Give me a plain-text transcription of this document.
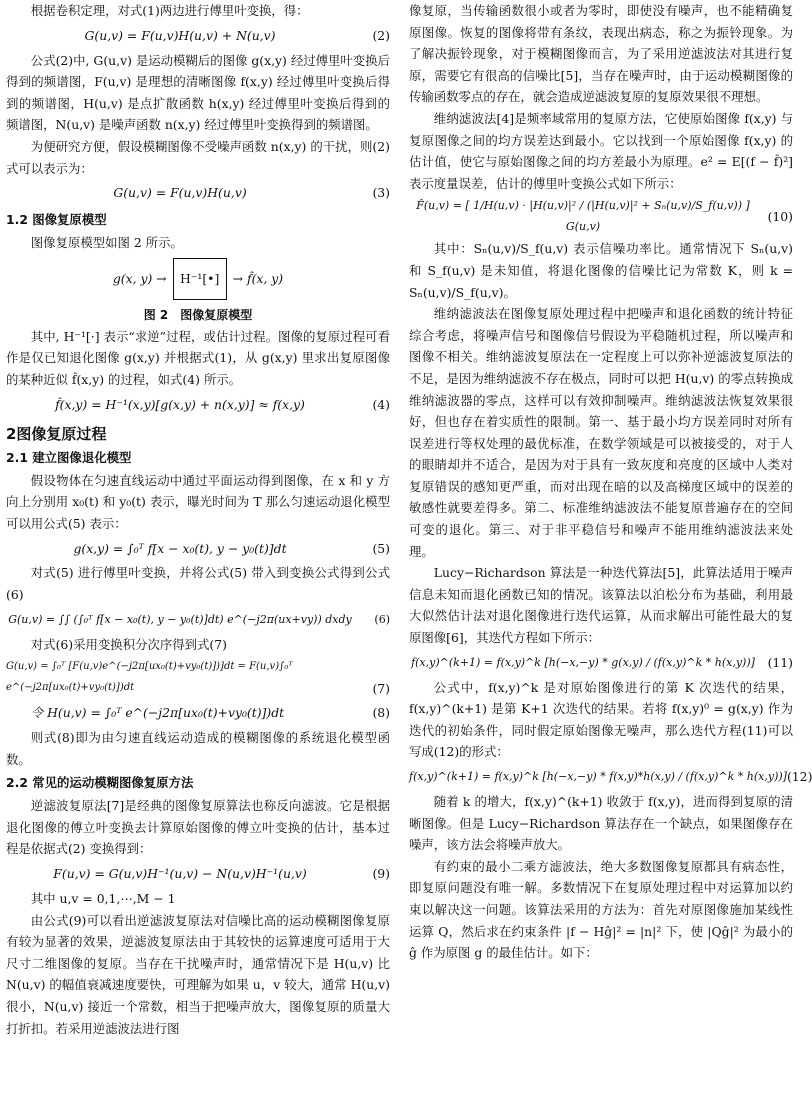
根据卷积定理，对式(1)两边进行傅里叶变换，得：

G(u,v) = F(u,v)H(u,v) + N(u,v)	(2)

公式(2)中, G(u,v) 是运动模糊后的图像 g(x,y) 经过傅里叶变换后得到的频谱图，F(u,v) 是理想的清晰图像 f(x,y) 经过傅里叶变换后得到的频谱图，H(u,v) 是点扩散函数 h(x,y) 经过傅里叶变换后得到的频谱图，N(u,v) 是噪声函数 n(x,y) 经过傅里叶变换得到的频谱图。

为便研究方便，假设模糊图像不受噪声函数 n(x,y) 的干扰，则(2)式可以表示为：

G(u,v) = F(u,v)H(u,v)	(3)
1.2 图像复原模型

图像复原模型如图 2 所示。

g(x, y) → H⁻¹[•] → f̂(x, y)
图 2　图像复原模型

其中, H⁻¹[·] 表示“求逆”过程，或估计过程。图像的复原过程可看作是仅已知退化图像 g(x,y) 并根据式(1)，从 g(x,y) 里求出复原图像的某种近似 f̂(x,y) 的过程，如式(4) 所示。

f̂(x,y) = H⁻¹(x,y)[g(x,y) + n(x,y)] ≈ f(x,y)	(4)
2图像复原过程
2.1 建立图像退化模型

假设物体在匀速直线运动中通过平面运动得到图像，在 x 和 y 方向上分别用 x₀(t) 和 y₀(t) 表示，曝光时间为 T 那么匀速运动退化模型可以用公式(5) 表示：

g(x,y) = ∫₀ᵀ f[x − x₀(t), y − y₀(t)]dt	(5)

对式(5) 进行傅里叶变换，并将公式(5) 带入到变换公式得到公式(6)

G(u,v) = ∫∫ (∫₀ᵀ f[x − x₀(t), y − y₀(t)]dt) e^(−j2π(ux+vy)) dxdy	(6)

对式(6)采用变换积分次序得到式(7)

G(u,v) = ∫₀ᵀ [F(u,v)e^(−j2π[ux₀(t)+vy₀(t)])]dt = F(u,v)∫₀ᵀ e^(−j2π[ux₀(t)+vy₀(t)])dt	(7)
令 H(u,v) = ∫₀ᵀ e^(−j2π[ux₀(t)+vy₀(t)])dt	(8)

则式(8)即为由匀速直线运动造成的模糊图像的系统退化模型函数。

2.2 常见的运动模糊图像复原方法

逆滤波复原法[7]是经典的图像复原算法也称反向滤波。它是根据退化图像的傅立叶变换去计算原始图像的傅立叶变换的估计，基本过程是依据式(2) 变换得到：

F(u,v) = G(u,v)H⁻¹(u,v) − N(u,v)H⁻¹(u,v)	(9)

其中 u,v = 0,1,⋯,M − 1

由公式(9)可以看出逆滤波复原法对信噪比高的运动模糊图像复原有较为显著的效果，逆滤波复原法由于其较快的运算速度可适用于大尺寸二维图像的复原。当存在干扰噪声时，通常情况下是 H(u,v) 比 N(u,v) 的幅值衰减速度要快，可理解为如果 u，v 较大，通常 H(u,v) 很小，N(u,v) 接近一个常数，相当于把噪声放大，图像复原的质量大打折扣。若采用逆滤波法进行图

像复原，当传输函数很小或者为零时，即使没有噪声，也不能精确复原图像。恢复的图像将带有条纹，表现出病态，称之为振铃现象。为了解决振铃现象，对于模糊图像而言，为了采用逆滤波法对其进行复原，需要它有很高的信噪比[5]，当存在噪声时，由于运动模糊图像的传输函数零点的存在，就会造成逆滤波复原的复原效果很不理想。

维纳滤波法[4]是频率域常用的复原方法，它使原始图像 f(x,y) 与复原图像之间的均方误差达到最小。它以找到一个原始图像 f(x,y) 的估计值，使它与原始图像之间的均方差最小为原理。e² = E[(f − f̂)²] 表示度量误差，估计的傅里叶变换公式如下所示：

F̂(u,v) = [ 1/H(u,v) · |H(u,v)|² / (|H(u,v)|² + Sₙ(u,v)/S_f(u,v)) ] G(u,v)
(10)

其中：Sₙ(u,v)/S_f(u,v) 表示信噪功率比。通常情况下 Sₙ(u,v) 和 S_f(u,v) 是未知值，将退化图像的信噪比记为常数 K，则 k = Sₙ(u,v)/S_f(u,v)。

维纳滤波法在图像复原处理过程中把噪声和退化函数的统计特征综合考虑，将噪声信号和图像信号假设为平稳随机过程，所以噪声和图像不相关。维纳滤波复原法在一定程度上可以弥补逆滤波复原法的不足，是因为维纳滤波不存在极点，同时可以把 H(u,v) 的零点转换成维纳滤波器的零点，这样可以有效抑制噪声。维纳滤波法恢复效果很好，但也存在着实质性的限制。第一、基于最小均方误差同时对所有误差进行等权处理的最优标准，在数学领域是可以被接受的，对于人的眼睛却并不适合，是因为对于具有一致灰度和亮度的区域中人类对复原错误的感知更严重，而对出现在暗的以及高梯度区域中的误差的敏感性就要差得多。第二、标准维纳滤波法不能复原普遍存在的空间可变的退化。第三、对于非平稳信号和噪声不能用维纳滤波法来处理。

Lucy−Richardson 算法是一种迭代算法[5]，此算法适用于噪声信息未知而退化函数已知的情况。该算法以泊松分布为基础，利用最大似然估计法对退化图像进行迭代运算，从而求解出可能性最大的复原图像[6]，其迭代方程如下所示：

f(x,y)^(k+1) = f(x,y)^k [h(−x,−y) * g(x,y) / (f(x,y)^k * h(x,y))]	(11)

公式中，f(x,y)^k 是对原始图像进行的第 K 次迭代的结果，f(x,y)^(k+1) 是第 K+1 次迭代的结果。若将 f(x,y)⁰ = g(x,y) 作为迭代的初始条件，同时假定原始图像无噪声，那么迭代方程(11)可以写成(12)的形式：

f(x,y)^(k+1) = f(x,y)^k [h(−x,−y) * f(x,y)*h(x,y) / (f(x,y)^k * h(x,y))] (12)

随着 k 的增大，f(x,y)^(k+1) 收敛于 f(x,y)，进而得到复原的清晰图像。但是 Lucy−Richardson 算法存在一个缺点，如果图像存在噪声，该方法会将噪声放大。

有约束的最小二乘方滤波法，绝大多数图像复原都具有病态性，即复原问题没有唯一解。多数情况下在复原处理过程中对运算加以约束以解决这一问题。该算法采用的方法为：首先对原图像施加某线性运算 Q，然后求在约束条件 |f − Hĝ|² = |n|² 下，使 |Qĝ|² 为最小的 ĝ 作为原图 g 的最佳估计。如下：
